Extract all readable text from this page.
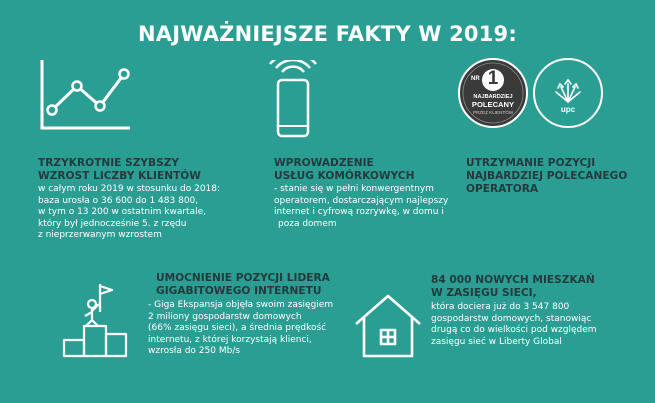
NAJWAŻNIEJSZE FAKTY W 2019:
TRZYKROTNIE SZYBSZY
WZROST LICZBY KLIENTÓW
w całym roku 2019 w stosunku do 2018:
baza urosła o 36 600 do 1 483 800,
w tym o 13 200 w ostatnim kwartale,
który był jednocześnie 5. z rzędu
z nieprzerwanym wzrostem
WPROWADZENIE
USŁUG KOMÓRKOWYCH
- stanie się w pełni konwergentnym
operatorem, dostarczającym najlepszy
internet i cyfrową rozrywkę, w domu i
poza domem
NR 1
NAJBARDZIEJ
POLECANY
PRZEZ KLIENTÓW	upc
UTRZYMANIE POZYCJI
NAJBARDZIEJ POLECANEGO
OPERATORA
UMOCNIENIE POZYCJI LIDERA
GIGABITOWEGO INTERNETU
- Giga Ekspansja objęła swoim zasięgiem
2 miliony gospodarstw domowych
(66% zasięgu sieci), a średnia prędkość
internetu, z której korzystają klienci,
wzrosła do 250 Mb/s
84 000 NOWYCH MIESZKAŃ
W ZASIĘGU SIECI,
która dociera już do 3 547 800
gospodarstw domowych, stanowiąc
drugą co do wielkości pod względem
zasięgu sieć w Liberty Global
